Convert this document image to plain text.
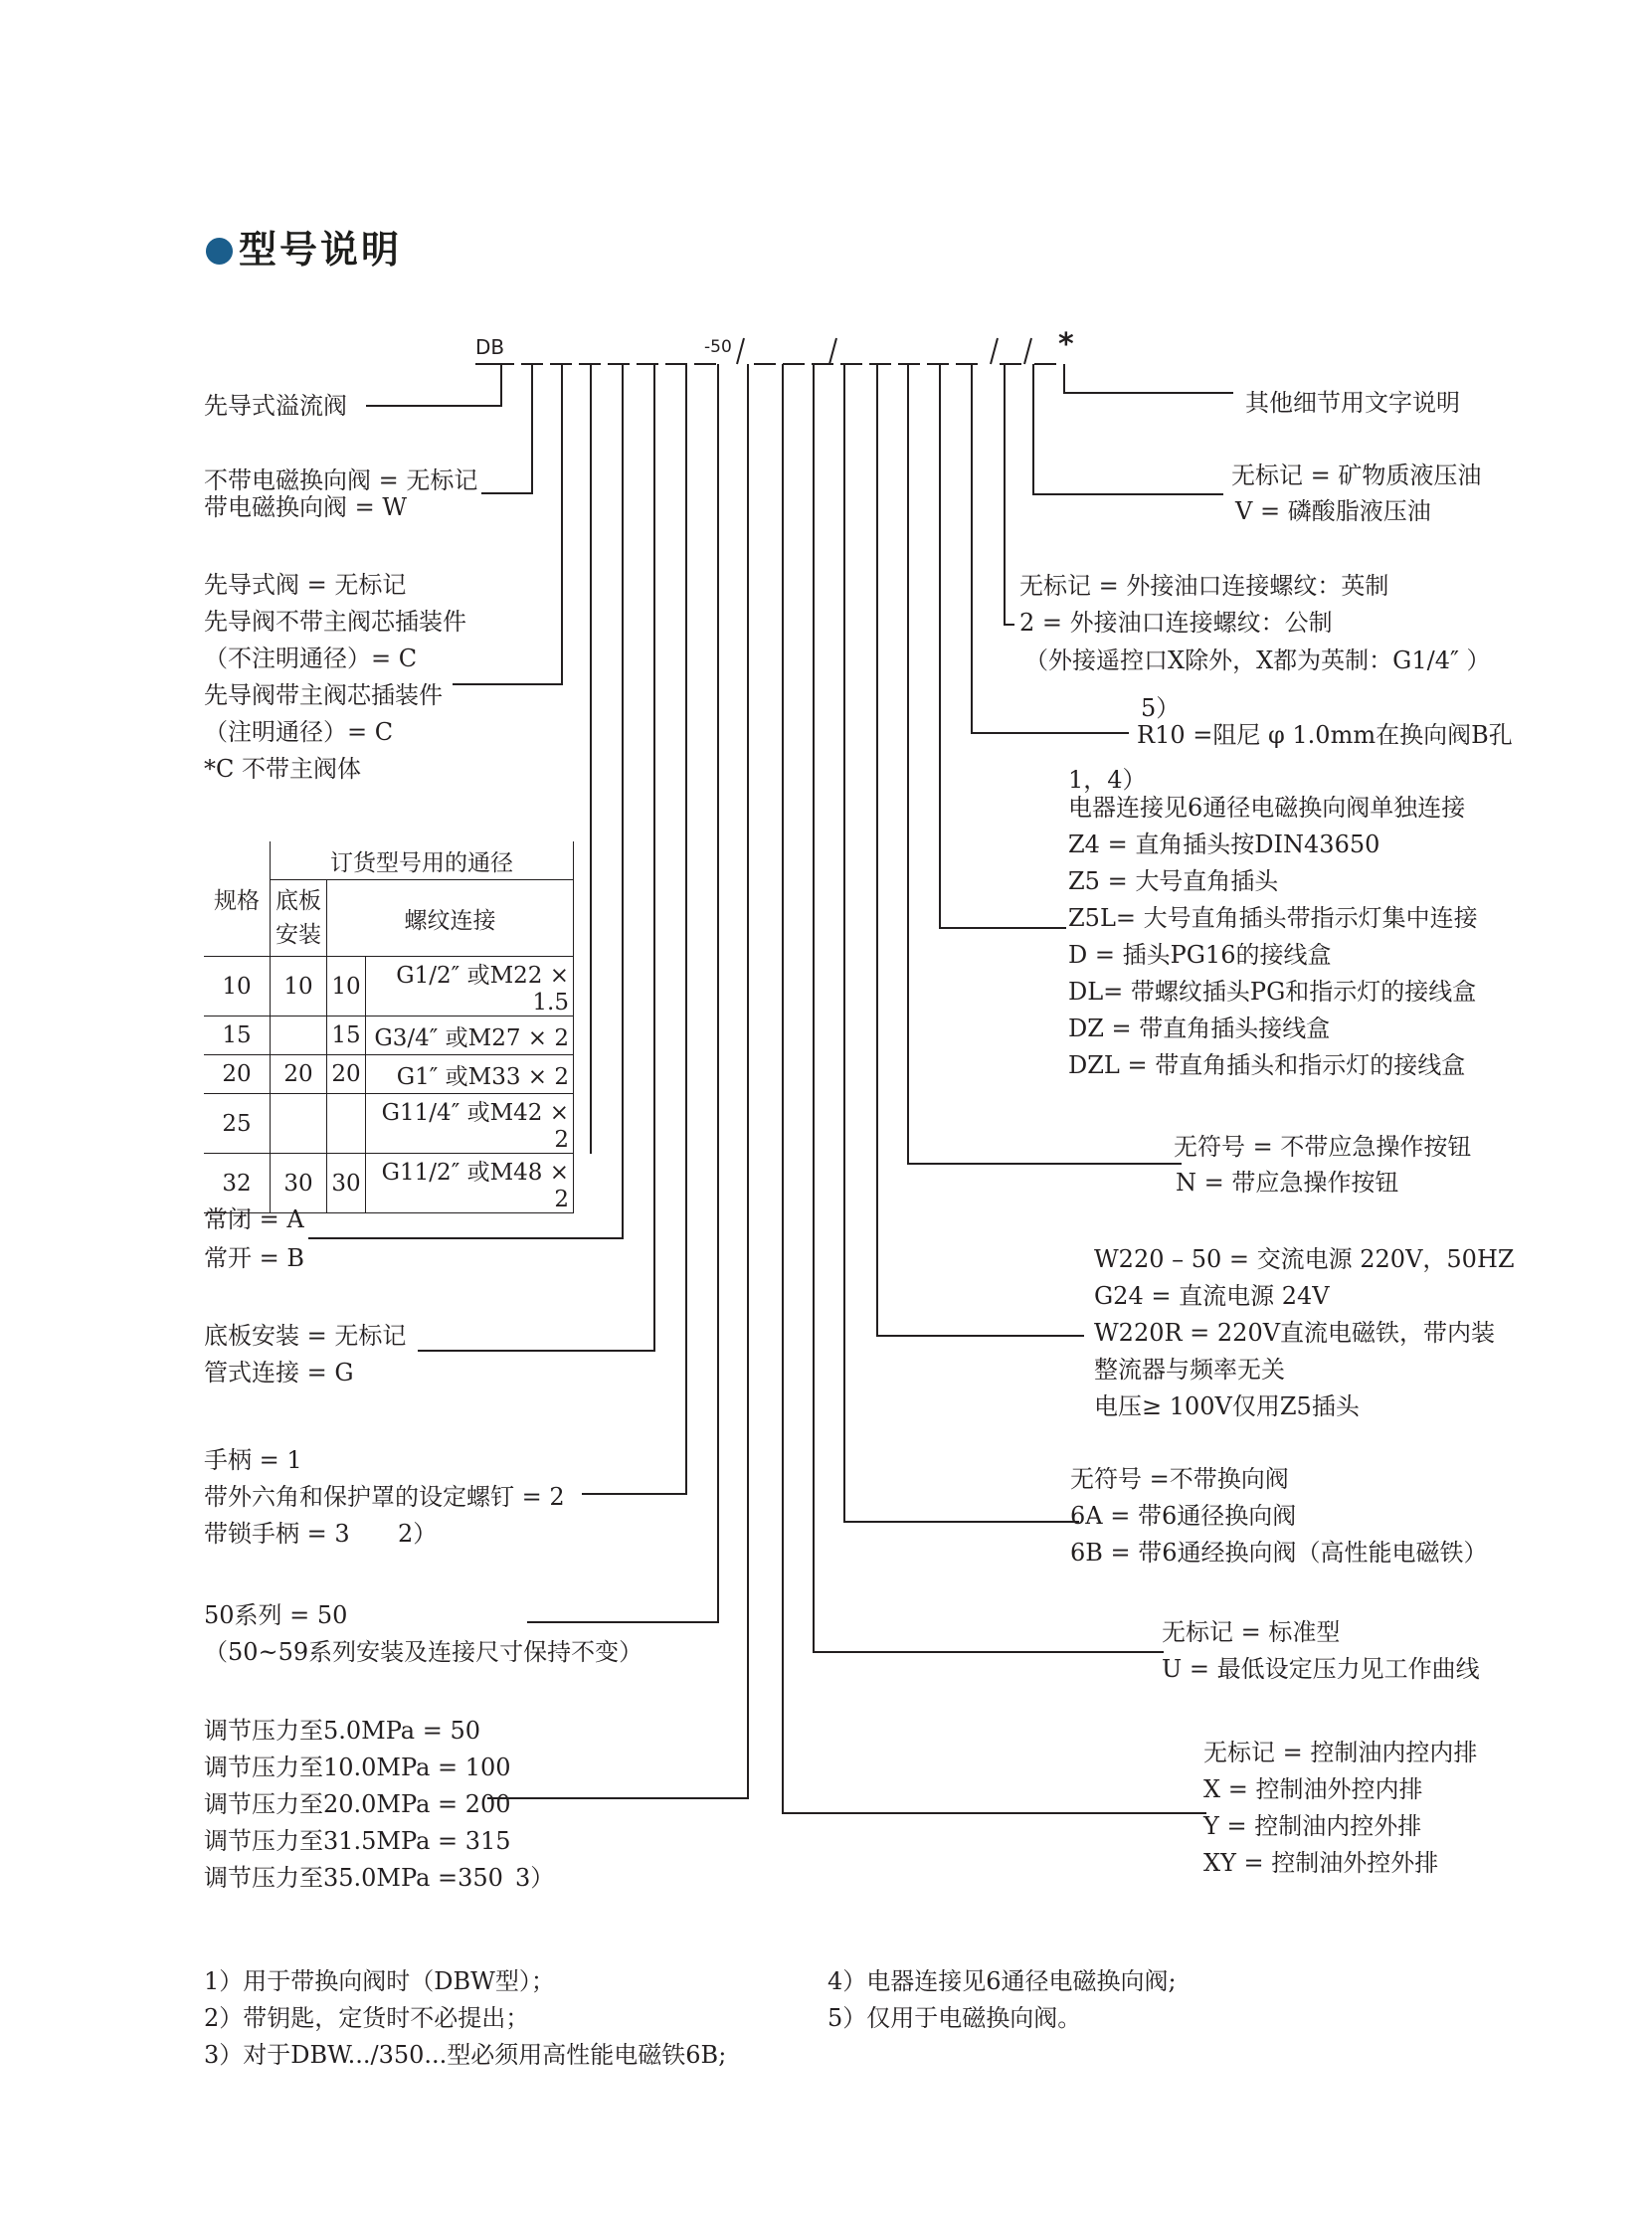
型号说明
DB	-50	*
先导式溢流阀
不带电磁换向阀 = 无标记
带电磁换向阀 = W
先导式阀 = 无标记
先导阀不带主阀芯插装件
（不注明通径）= C
先导阀带主阀芯插装件
（注明通径）= C
*C 不带主阀体
规格	订货型号用的通径		
	底板安装	螺纹连接	

10	10	10	G1/2″ 或M22 × 1.5
15		15	G3/4″ 或M27 × 2
20	20	20	G1″ 或M33 × 2
25			G11/4″ 或M42 × 2
32	30	30	G11/2″ 或M48 × 2
常闭 = A
常开 = B
底板安装 = 无标记
管式连接 = G
手柄 = 1
带外六角和保护罩的设定螺钉 = 2
带锁手柄 = 3 2）
50系列 = 50
（50~59系列安装及连接尺寸保持不变）
调节压力至5.0MPa = 50
调节压力至10.0MPa = 100
调节压力至20.0MPa = 200
调节压力至31.5MPa = 315
调节压力至35.0MPa =350 3）
其他细节用文字说明
无标记 = 矿物质液压油
V = 磷酸脂液压油
无标记 = 外接油口连接螺纹：英制
2 = 外接油口连接螺纹：公制
（外接遥控口X除外，X都为英制：G1/4″ ）
5）
R10 =阻尼 φ 1.0mm在换向阀B孔
1，4）
电器连接见6通径电磁换向阀单独连接
Z4 = 直角插头按DIN43650
Z5 = 大号直角插头
Z5L= 大号直角插头带指示灯集中连接
D = 插头PG16的接线盒
DL= 带螺纹插头PG和指示灯的接线盒
DZ = 带直角插头接线盒
DZL = 带直角插头和指示灯的接线盒
无符号 = 不带应急操作按钮
N = 带应急操作按钮
W220 – 50 = 交流电源 220V，50HZ
G24 = 直流电源 24V
W220R = 220V直流电磁铁，带内装
整流器与频率无关
电压≥ 100V仅用Z5插头
无符号 =不带换向阀
6A = 带6通径换向阀
6B = 带6通经换向阀（高性能电磁铁）
无标记 = 标准型
U = 最低设定压力见工作曲线
无标记 = 控制油内控内排
X = 控制油外控内排
Y = 控制油内控外排
XY = 控制油外控外排
1）用于带换向阀时（DBW型）；
2）带钥匙，定货时不必提出；
3）对于DBW.../350...型必须用高性能电磁铁6B;
4）电器连接见6通径电磁换向阀;
5）仅用于电磁换向阀。
